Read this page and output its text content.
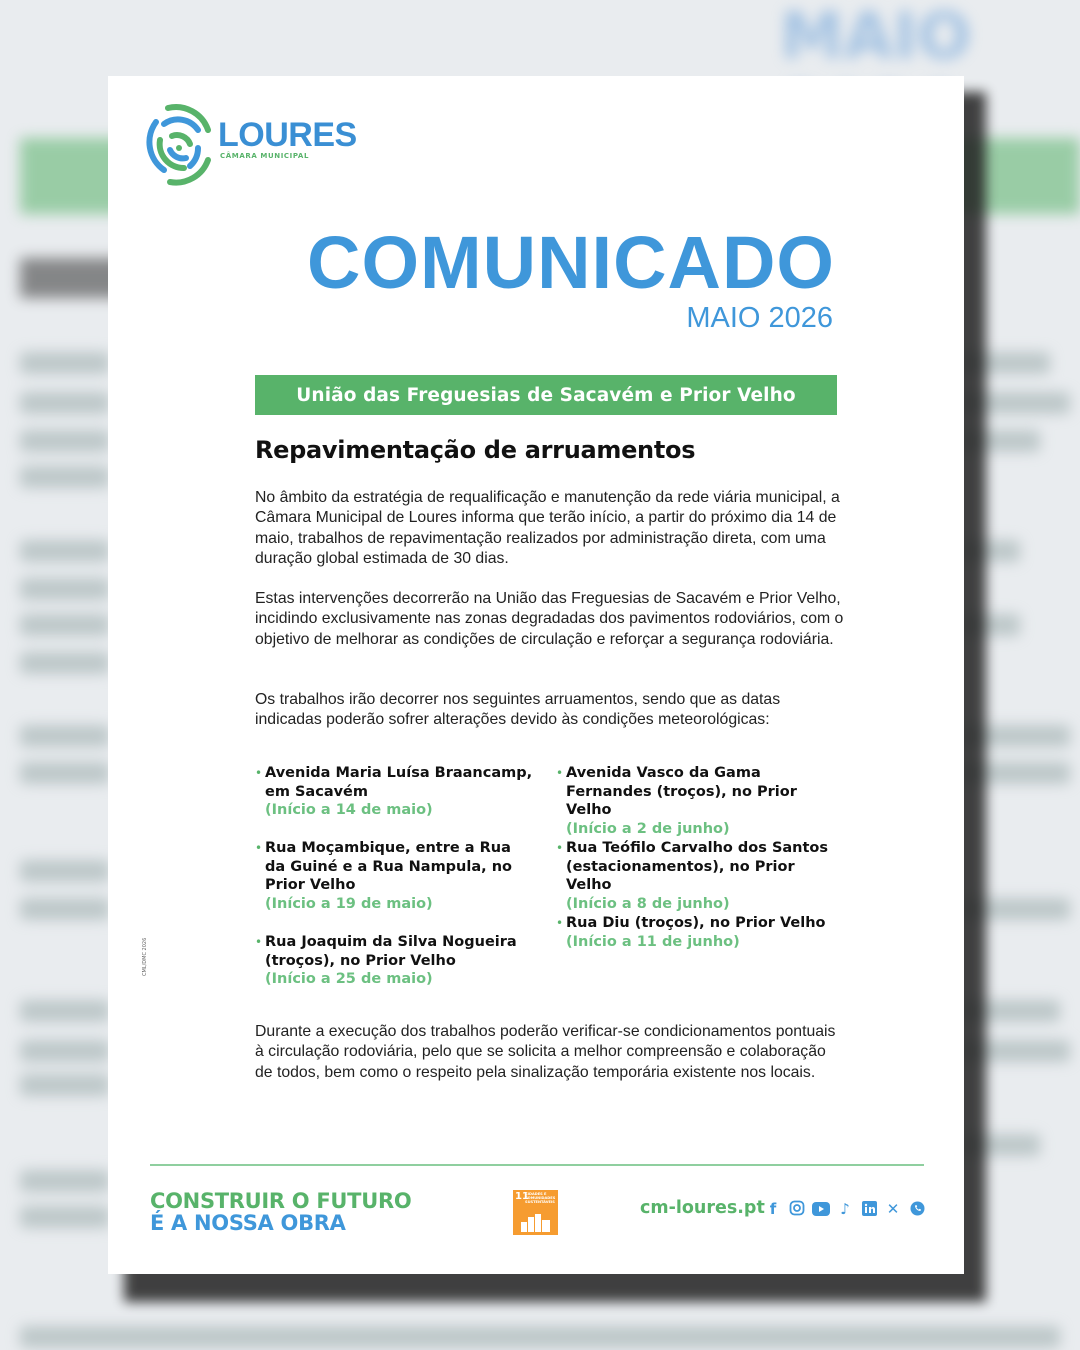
MAIO
LOURES
CÂMARA MUNICIPAL
COMUNICADO
MAIO 2026
União das Freguesias de Sacavém e Prior Velho
Repavimentação de arruamentos

No âmbito da estratégia de requalificação e manutenção da rede viária municipal, a Câmara Municipal de Loures informa que terão início, a partir do próximo dia 14 de maio, trabalhos de repavimentação realizados por administração direta, com uma duração global estimada de 30 dias.

Estas intervenções decorrerão na União das Freguesias de Sacavém e Prior Velho, incidindo exclusivamente nas zonas degradadas dos pavimentos rodoviários, com o objetivo de melhorar as condições de circulação e reforçar a segurança rodoviária.

Os trabalhos irão decorrer nos seguintes arruamentos, sendo que as datas indicadas poderão sofrer alterações devido às condições meteorológicas:

• Avenida Maria Luísa Braancamp, em Sacavém
(Início a 14 de maio)
• Rua Moçambique, entre a Rua da Guiné e a Rua Nampula, no Prior Velho
(Início a 19 de maio)
• Rua Joaquim da Silva Nogueira (troços), no Prior Velho
(Início a 25 de maio)
• Avenida Vasco da Gama Fernandes (troços), no Prior Velho
(Início a 2 de junho)
• Rua Teófilo Carvalho dos Santos (estacionamentos), no Prior Velho
(Início a 8 de junho)
• Rua Diu (troços), no Prior Velho
(Início a 11 de junho)

Durante a execução dos trabalhos poderão verificar-se condicionamentos pontuais à circulação rodoviária, pelo que se solicita a melhor compreensão e colaboração de todos, bem como o respeito pela sinalização temporária existente nos locais.

CML/DMC 2026
CONSTRUIR O FUTURO
É A NOSSA OBRA
11
CIDADES E COMUNIDADES SUSTENTÁVEIS	cm-loures.pt f	♪ ✕
